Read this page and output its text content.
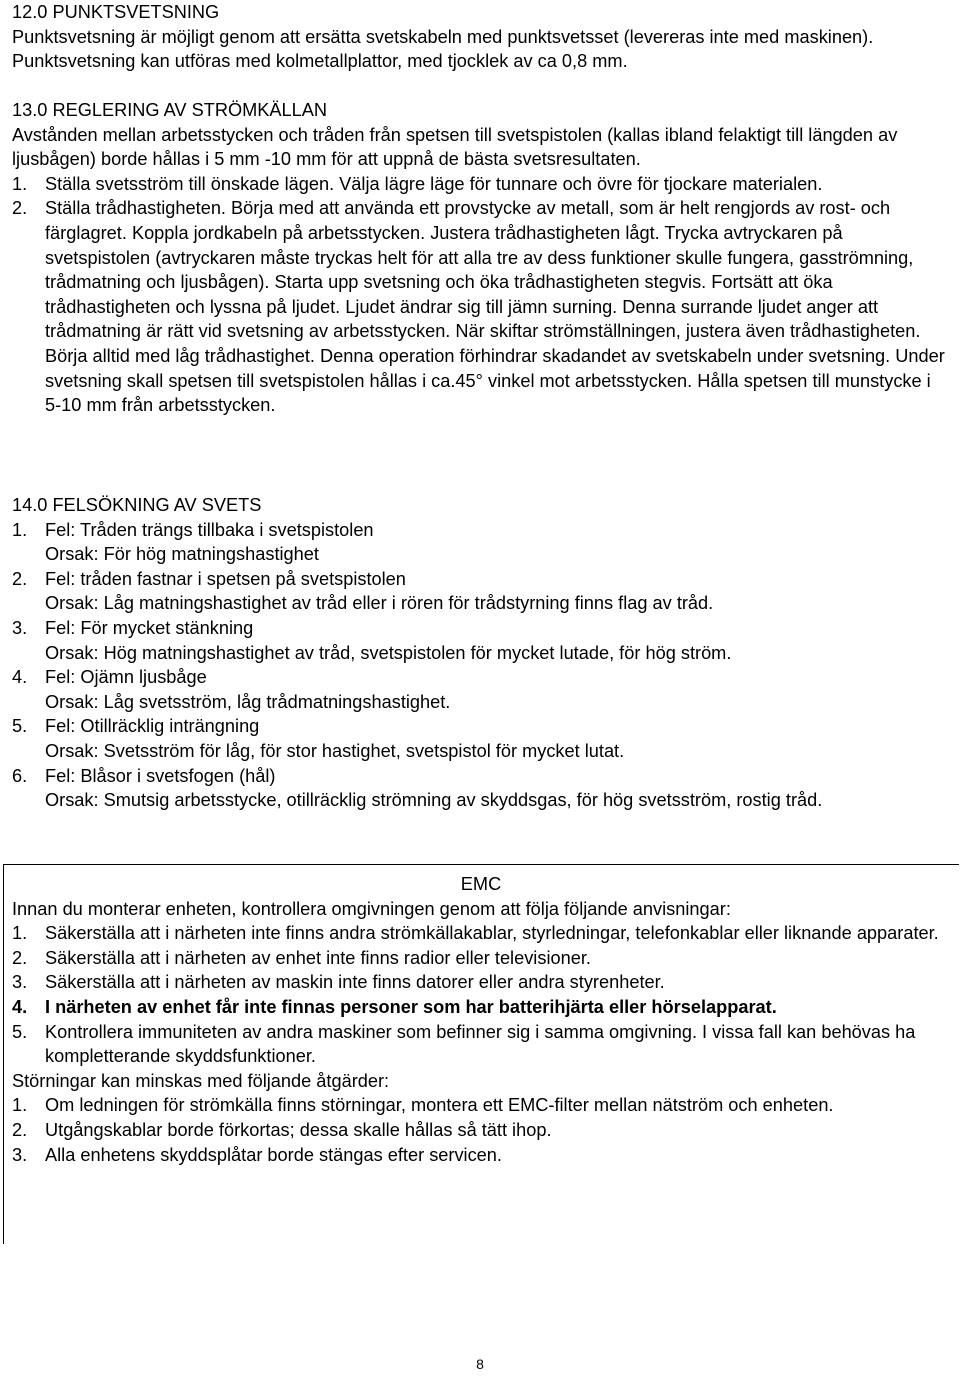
12.0 PUNKTSVETSNING

Punktsvetsning är möjligt genom att ersätta svetskabeln med punktsvetsset (levereras inte med maskinen). Punktsvetsning kan utföras med kolmetallplattor, med tjocklek av ca 0,8 mm.

13.0 REGLERING AV STRÖMKÄLLAN

Avstånden mellan arbetsstycken och tråden från spetsen till svetspistolen (kallas ibland felaktigt till längden av ljusbågen) borde hållas i 5 mm -10 mm för att uppnå de bästa svetsresultaten.

1. Ställa svetsström till önskade lägen. Välja lägre läge för tunnare och övre för tjockare materialen.
2. Ställa trådhastigheten. Börja med att använda ett provstycke av metall, som är helt rengjords av rost- och färglagret. Koppla jordkabeln på arbetsstycken. Justera trådhastigheten lågt. Trycka avtryckaren på svetspistolen (avtryckaren måste tryckas helt för att alla tre av dess funktioner skulle fungera, gasströmning, trådmatning och ljusbågen). Starta upp svetsning och öka trådhastigheten stegvis. Fortsätt att öka trådhastigheten och lyssna på ljudet. Ljudet ändrar sig till jämn surning. Denna surrande ljudet anger att trådmatning är rätt vid svetsning av arbetsstycken. När skiftar strömställningen, justera även trådhastigheten. Börja alltid med låg trådhastighet. Denna operation förhindrar skadandet av svetskabeln under svetsning. Under svetsning skall spetsen till svetspistolen hållas i ca.45° vinkel mot arbetsstycken. Hålla spetsen till munstycke i 5-10 mm från arbetsstycken.

14.0 FELSÖKNING AV SVETS

1. Fel: Tråden trängs tillbaka i svetspistolen

Orsak: För hög matningshastighet

2. Fel: tråden fastnar i spetsen på svetspistolen

Orsak: Låg matningshastighet av tråd eller i rören för trådstyrning finns flag av tråd.

3. Fel: För mycket stänkning

Orsak: Hög matningshastighet av tråd, svetspistolen för mycket lutade, för hög ström.

4. Fel: Ojämn ljusbåge

Orsak: Låg svetsström, låg trådmatningshastighet.

5. Fel: Otillräcklig inträngning

Orsak: Svetsström för låg, för stor hastighet, svetspistol för mycket lutat.

6. Fel: Blåsor i svetsfogen (hål)

Orsak: Smutsig arbetsstycke, otillräcklig strömning av skyddsgas, för hög svetsström, rostig tråd.

EMC

Innan du monterar enheten, kontrollera omgivningen genom att följa följande anvisningar:

1. Säkerställa att i närheten inte finns andra strömkällakablar, styrledningar, telefonkablar eller liknande apparater.
2. Säkerställa att i närheten av enhet inte finns radior eller televisioner.
3. Säkerställa att i närheten av maskin inte finns datorer eller andra styrenheter.
4. I närheten av enhet får inte finnas personer som har batterihjärta eller hörselapparat.
5. Kontrollera immuniteten av andra maskiner som befinner sig i samma omgivning. I vissa fall kan behövas ha kompletterande skyddsfunktioner.

Störningar kan minskas med följande åtgärder:

1. Om ledningen för strömkälla finns störningar, montera ett EMC-filter mellan nätström och enheten.
2. Utgångskablar borde förkortas; dessa skalle hållas så tätt ihop.
3. Alla enhetens skyddsplåtar borde stängas efter servicen.
8
